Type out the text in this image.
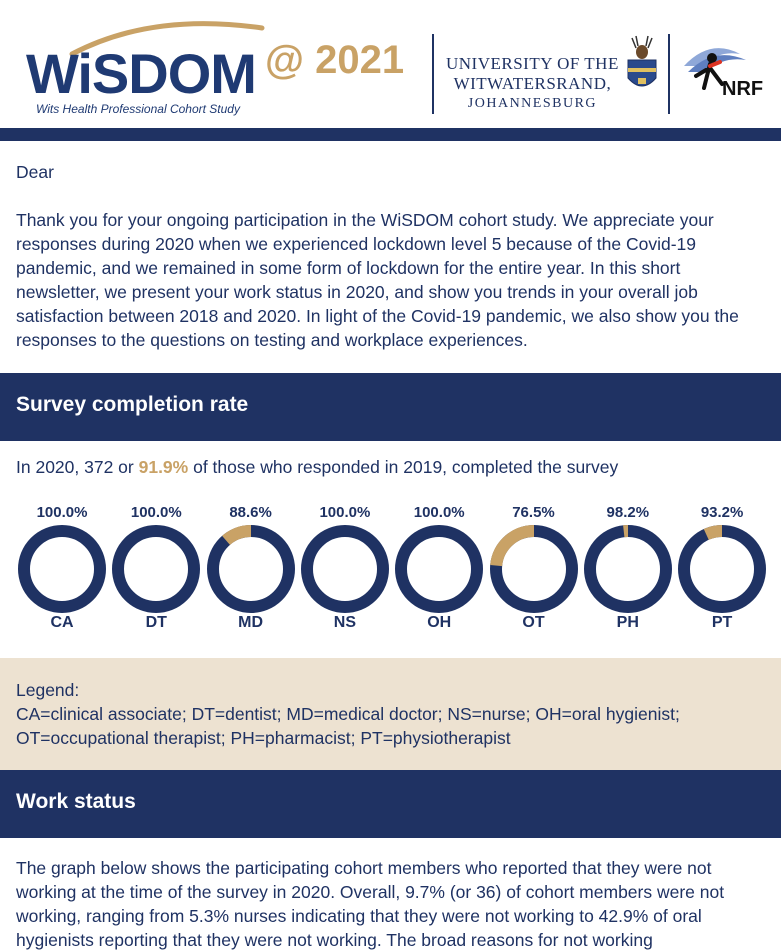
WiSDOM
Wits Health Professional Cohort Study
@ 2021 UNIVERSITY OF THE
WITWATERSRAND,
JOHANNESBURG
NRF

Dear

Thank you for your ongoing participation in the WiSDOM cohort study. We appreciate your responses during 2020 when we experienced lockdown level 5 because of the Covid-19 pandemic, and we remained in some form of lockdown for the entire year. In this short newsletter, we present your work status in 2020, and show you trends in your overall job satisfaction between 2018 and 2020. In light of the Covid-19 pandemic, we also show you the responses to the questions on testing and workplace experiences.

Survey completion rate
In 2020, 372 or 91.9% of those who responded in 2019, completed the survey
100.0%
CA
100.0%
DT
88.6%
MD
100.0%
NS
100.0%
OH
76.5%
OT
98.2%
PH
93.2%
PT
Legend:
CA=clinical associate; DT=dentist; MD=medical doctor; NS=nurse; OH=oral hygienist; OT=occupational therapist; PH=pharmacist; PT=physiotherapist
Work status

The graph below shows the participating cohort members who reported that they were not working at the time of the survey in 2020. Overall, 9.7% (or 36) of cohort members were not working, ranging from 5.3% nurses indicating that they were not working to 42.9% of oral hygienists reporting that they were not working. The broad reasons for not working
